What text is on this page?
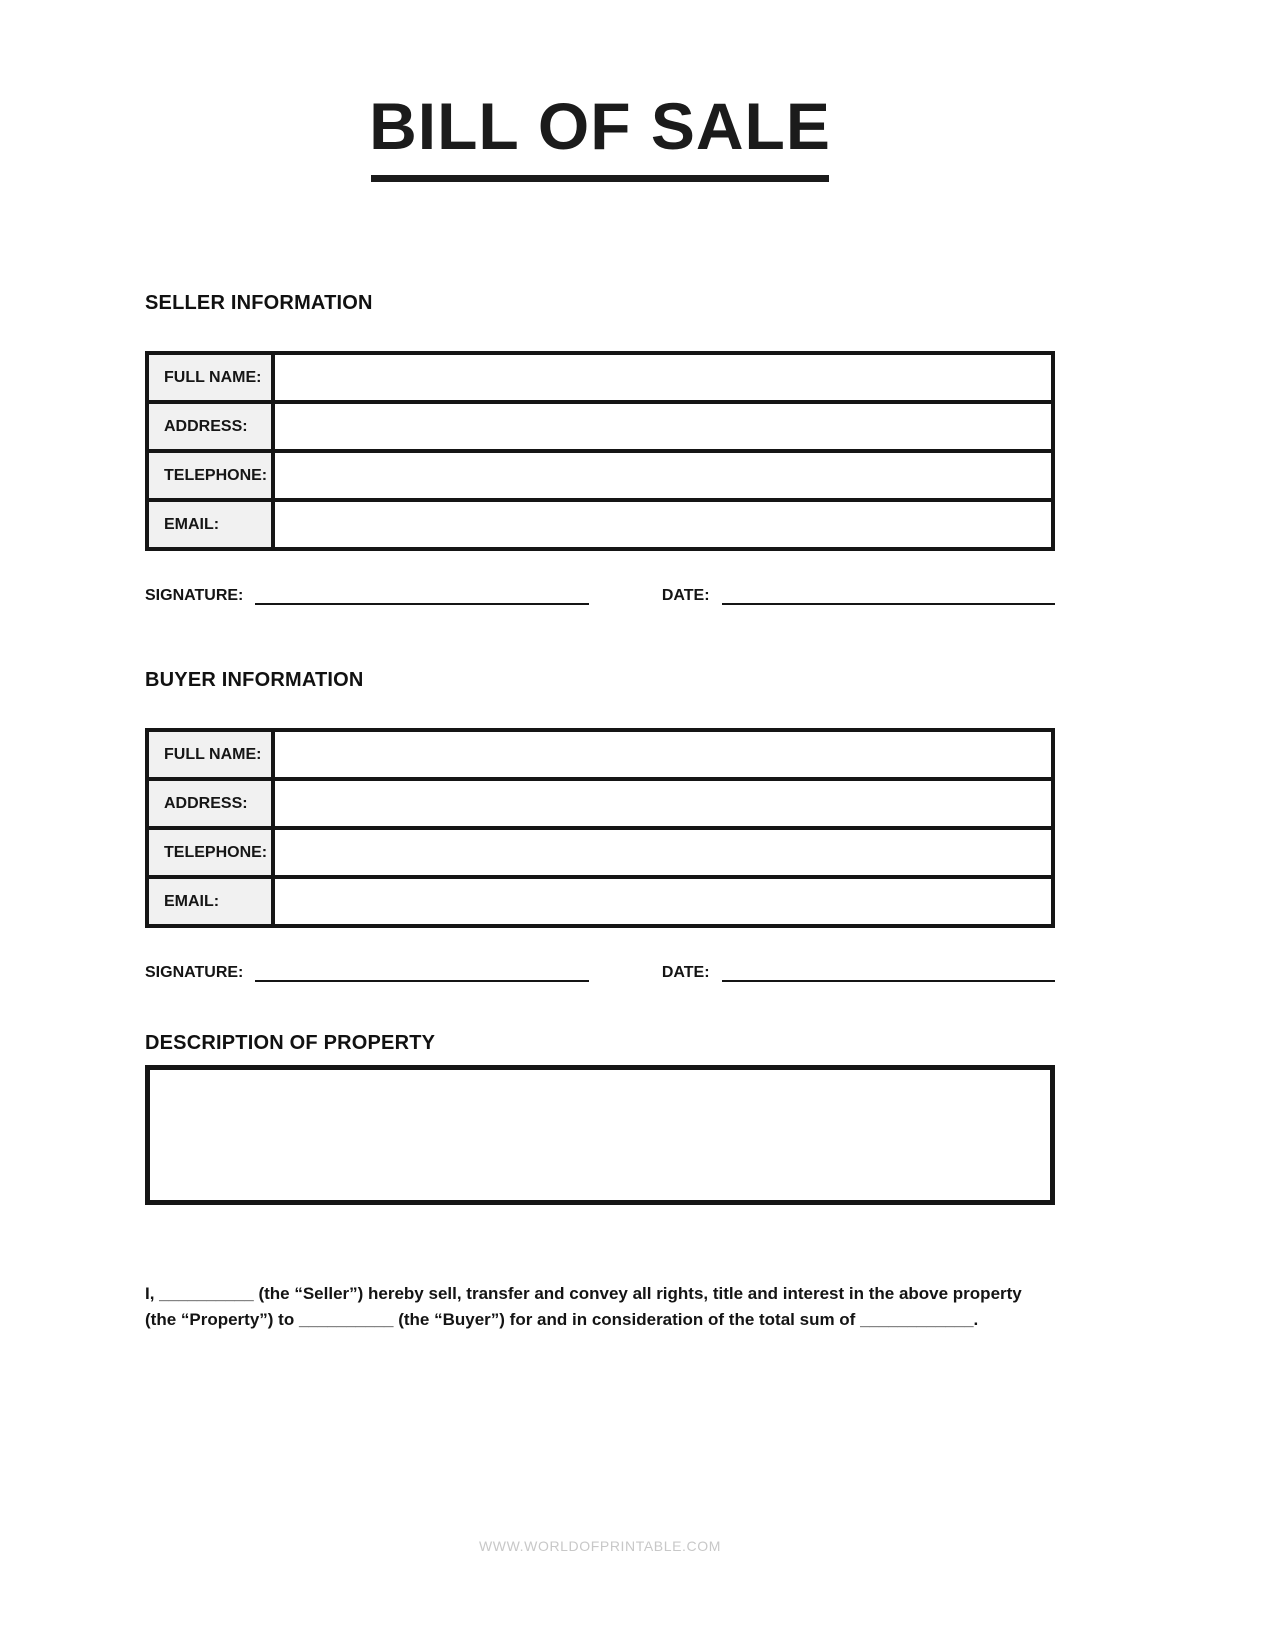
BILL OF SALE
SELLER INFORMATION
FULL NAME:	
ADDRESS:	
TELEPHONE:	
EMAIL:	
SIGNATURE:	DATE:
BUYER INFORMATION
FULL NAME:	
ADDRESS:	
TELEPHONE:	
EMAIL:	
SIGNATURE:	DATE:
DESCRIPTION OF PROPERTY

I, __________ (the “Seller”) hereby sell, transfer and convey all rights, title and interest in the above property (the “Property”) to __________ (the “Buyer”) for and in consideration of the total sum of ____________.

WWW.WORLDOFPRINTABLE.COM
